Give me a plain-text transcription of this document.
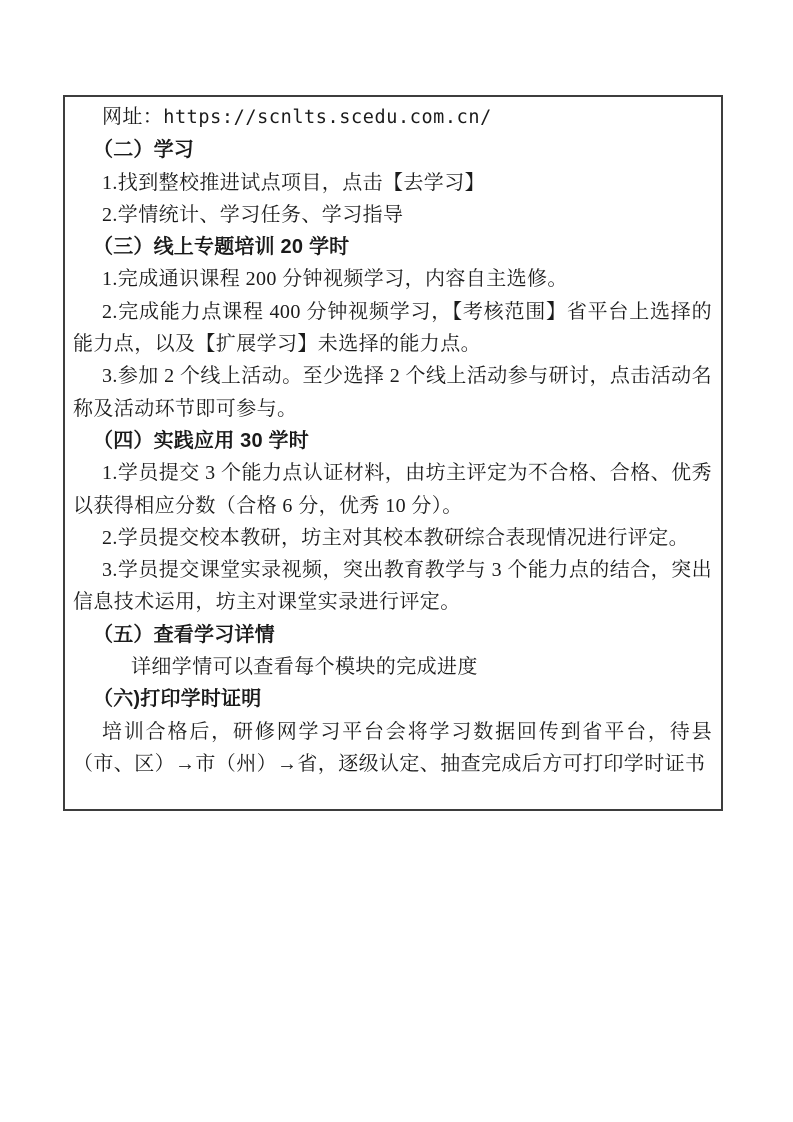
网址：https://scnlts.scedu.com.cn/

（二）学习

1.找到整校推进试点项目，点击【去学习】

2.学情统计、学习任务、学习指导

（三）线上专题培训 20 学时

1.完成通识课程 200 分钟视频学习，内容自主选修。

2.完成能力点课程 400 分钟视频学习，【考核范围】省平台上选择的能力点，以及【扩展学习】未选择的能力点。

3.参加 2 个线上活动。至少选择 2 个线上活动参与研讨，点击活动名称及活动环节即可参与。

（四）实践应用 30 学时

1.学员提交 3 个能力点认证材料，由坊主评定为不合格、合格、优秀以获得相应分数（合格 6 分，优秀 10 分）。

2.学员提交校本教研，坊主对其校本教研综合表现情况进行评定。

3.学员提交课堂实录视频，突出教育教学与 3 个能力点的结合，突出信息技术运用，坊主对课堂实录进行评定。

（五）查看学习详情

详细学情可以查看每个模块的完成进度

（六)打印学时证明

培训合格后，研修网学习平台会将学习数据回传到省平台，待县（市、区）→市（州）→省，逐级认定、抽查完成后方可打印学时证书
